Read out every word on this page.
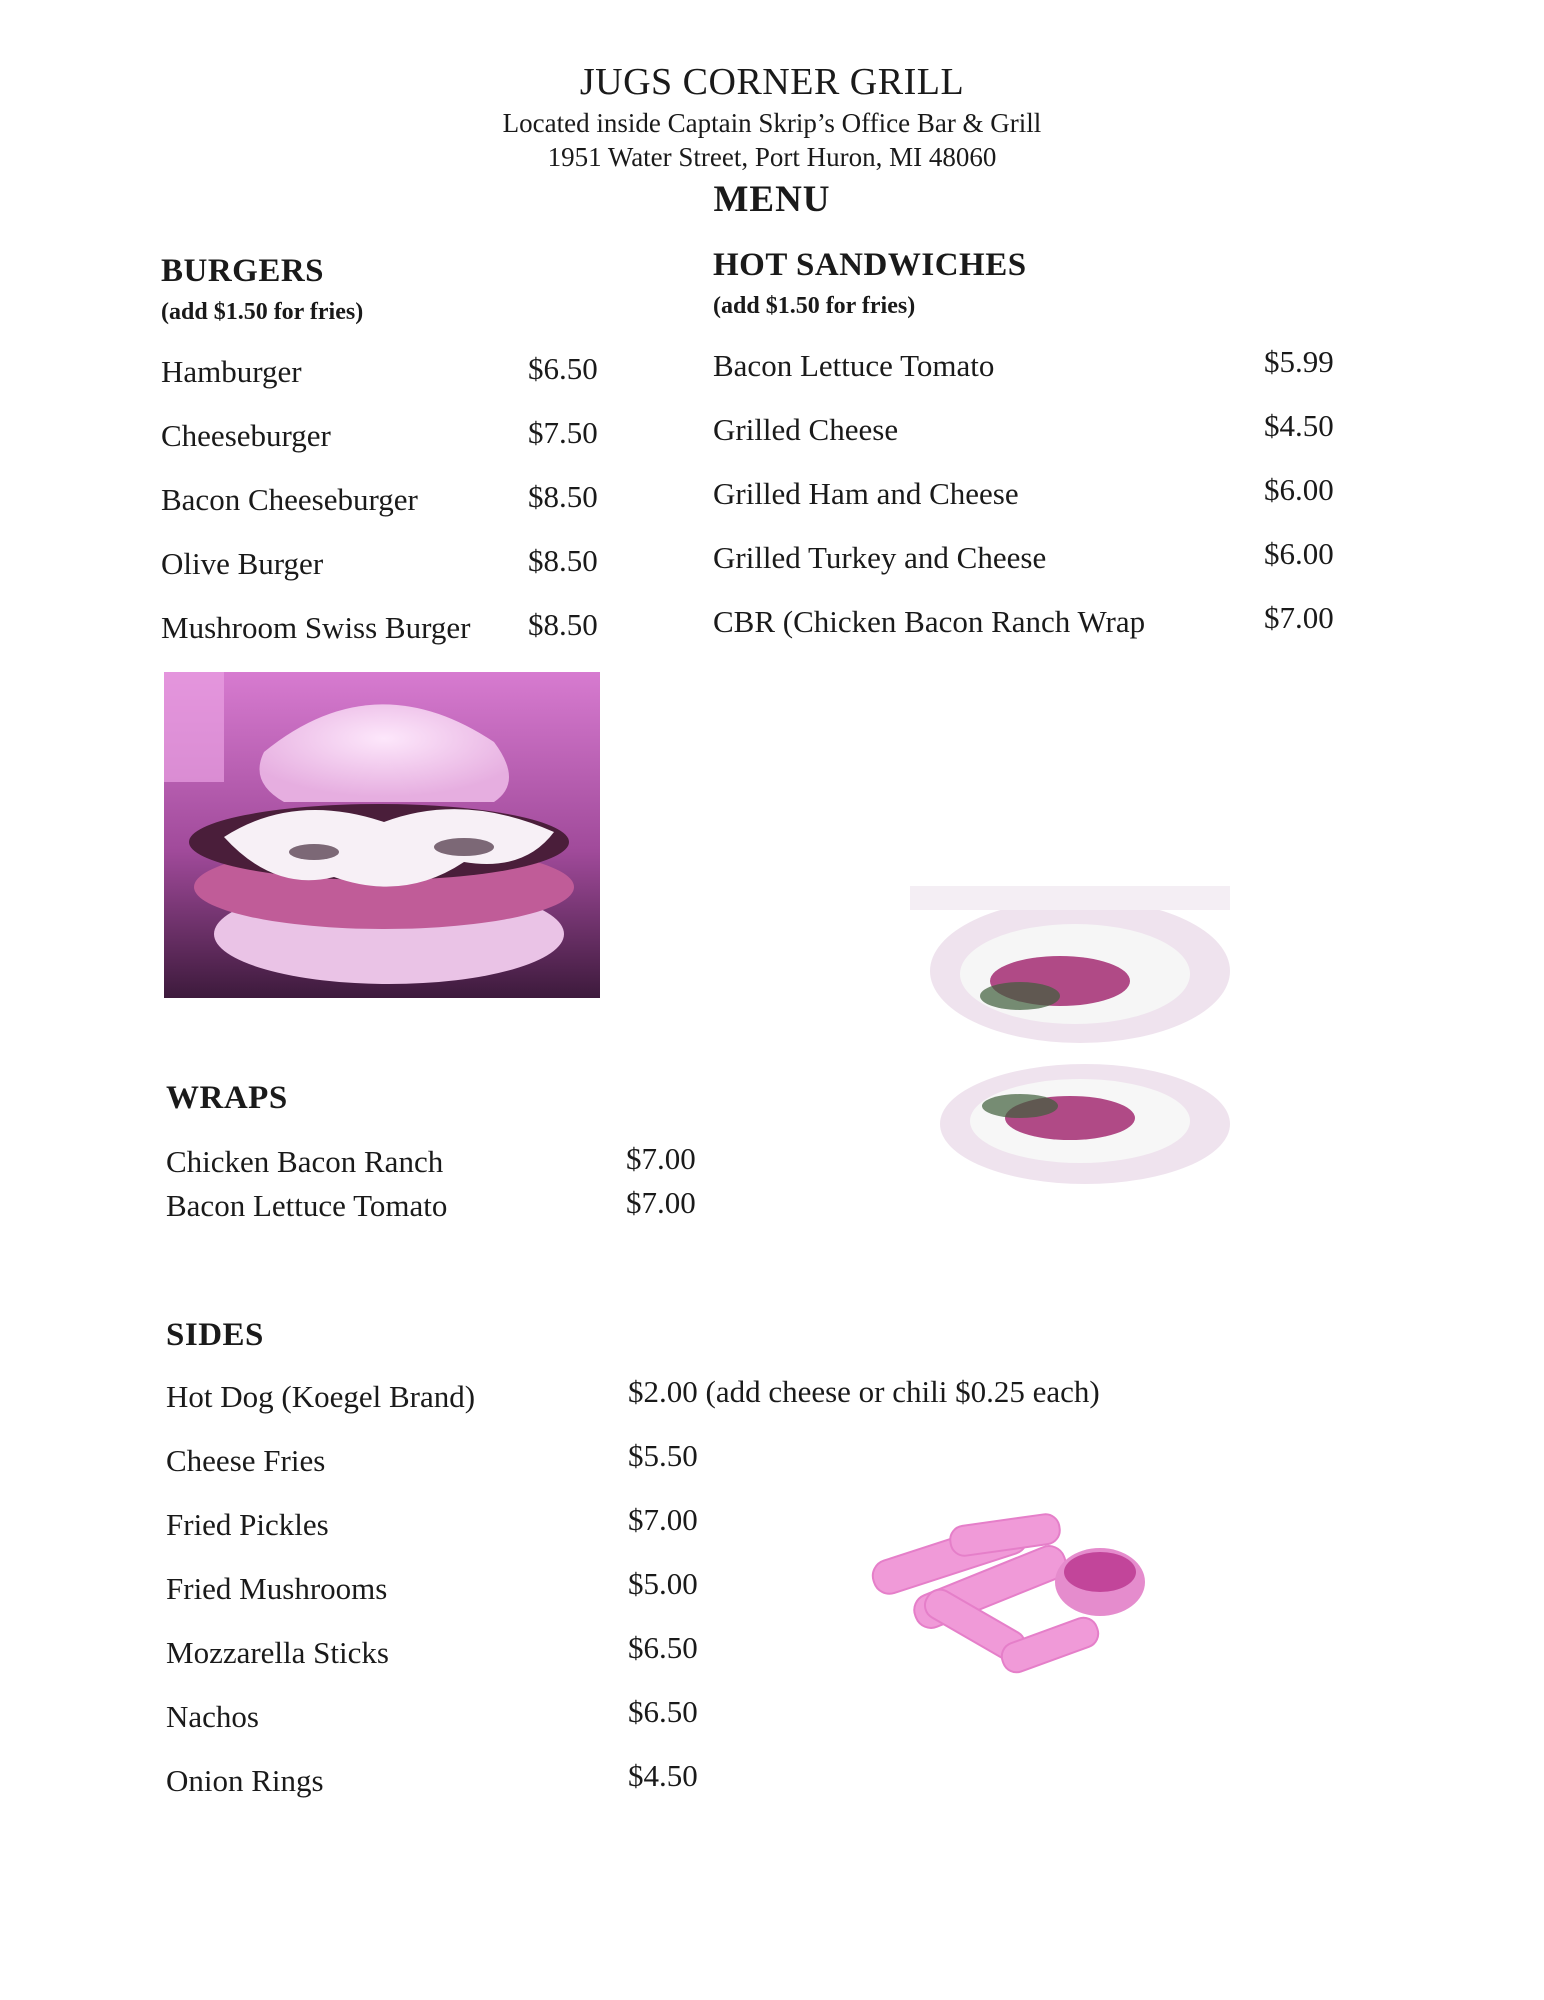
JUGS CORNER GRILL
Located inside Captain Skrip’s Office Bar & Grill
1951 Water Street, Port Huron, MI 48060
MENU
BURGERS
(add $1.50 for fries)
Hamburger	$6.50
Cheeseburger	$7.50
Bacon Cheeseburger	$8.50
Olive Burger	$8.50
Mushroom Swiss Burger $8.50
HOT SANDWICHES
(add $1.50 for fries)
Bacon Lettuce Tomato	$5.99
Grilled Cheese	$4.50
Grilled Ham and Cheese	$6.00
Grilled Turkey and Cheese	$6.00
CBR (Chicken Bacon Ranch Wrap	$7.00
WRAPS
Chicken Bacon Ranch	$7.00
Bacon Lettuce Tomato	$7.00
SIDES
Hot Dog (Koegel Brand)	$2.00 (add cheese or chili $0.25 each)
Cheese Fries	$5.50
Fried Pickles	$7.00
Fried Mushrooms	$5.00
Mozzarella Sticks	$6.50
Nachos	$6.50
Onion Rings	$4.50
